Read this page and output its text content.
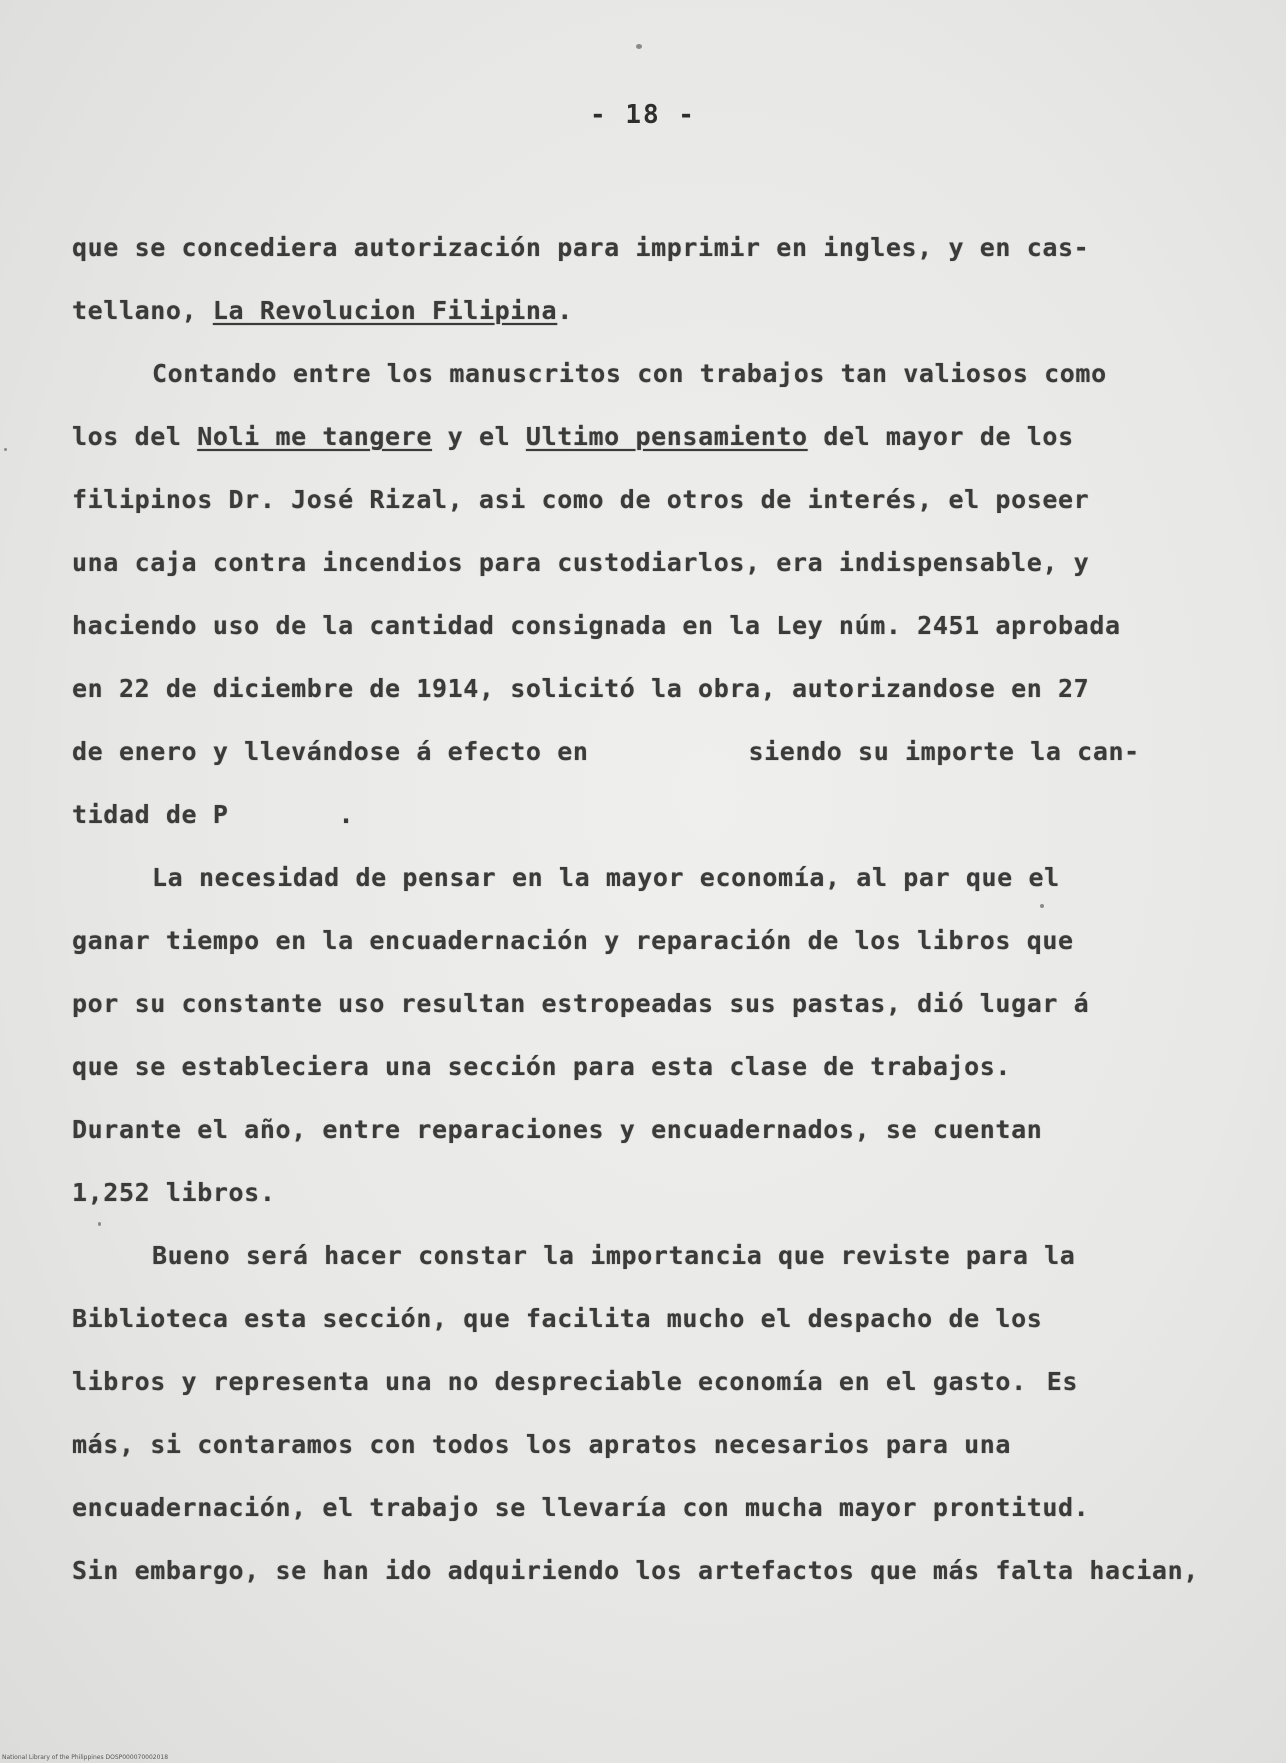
- 18 -
que se concediera autorización para imprimir en ingles, y en cas-
tellano, La Revolucion Filipina.
Contando entre los manuscritos con trabajos tan valiosos como
los del Noli me tangere y el Ultimo pensamiento del mayor de los
filipinos Dr. José Rizal, asi como de otros de interés, el poseer
una caja contra incendios para custodiarlos, era indispensable, y
haciendo uso de la cantidad consignada en la Ley núm. 2451 aprobada
en 22 de diciembre de 1914, solicitó la obra, autorizandose en 27
de enero y llevándose á efecto en	siendo su importe la can-
tidad de P	.
La necesidad de pensar en la mayor economía, al par que el
ganar tiempo en la encuadernación y reparación de los libros que
por su constante uso resultan estropeadas sus pastas, dió lugar á
que se estableciera una sección para esta clase de trabajos.
Durante el año, entre reparaciones y encuadernados, se cuentan
1,252 libros.
Bueno será hacer constar la importancia que reviste para la
Biblioteca esta sección, que facilita mucho el despacho de los
libros y representa una no despreciable economía en el gasto. Es
más, si contaramos con todos los apratos necesarios para una
encuadernación, el trabajo se llevaría con mucha mayor prontitud.
Sin embargo, se han ido adquiriendo los artefactos que más falta hacian,
National Library of the Philippines DOSP000070002018
